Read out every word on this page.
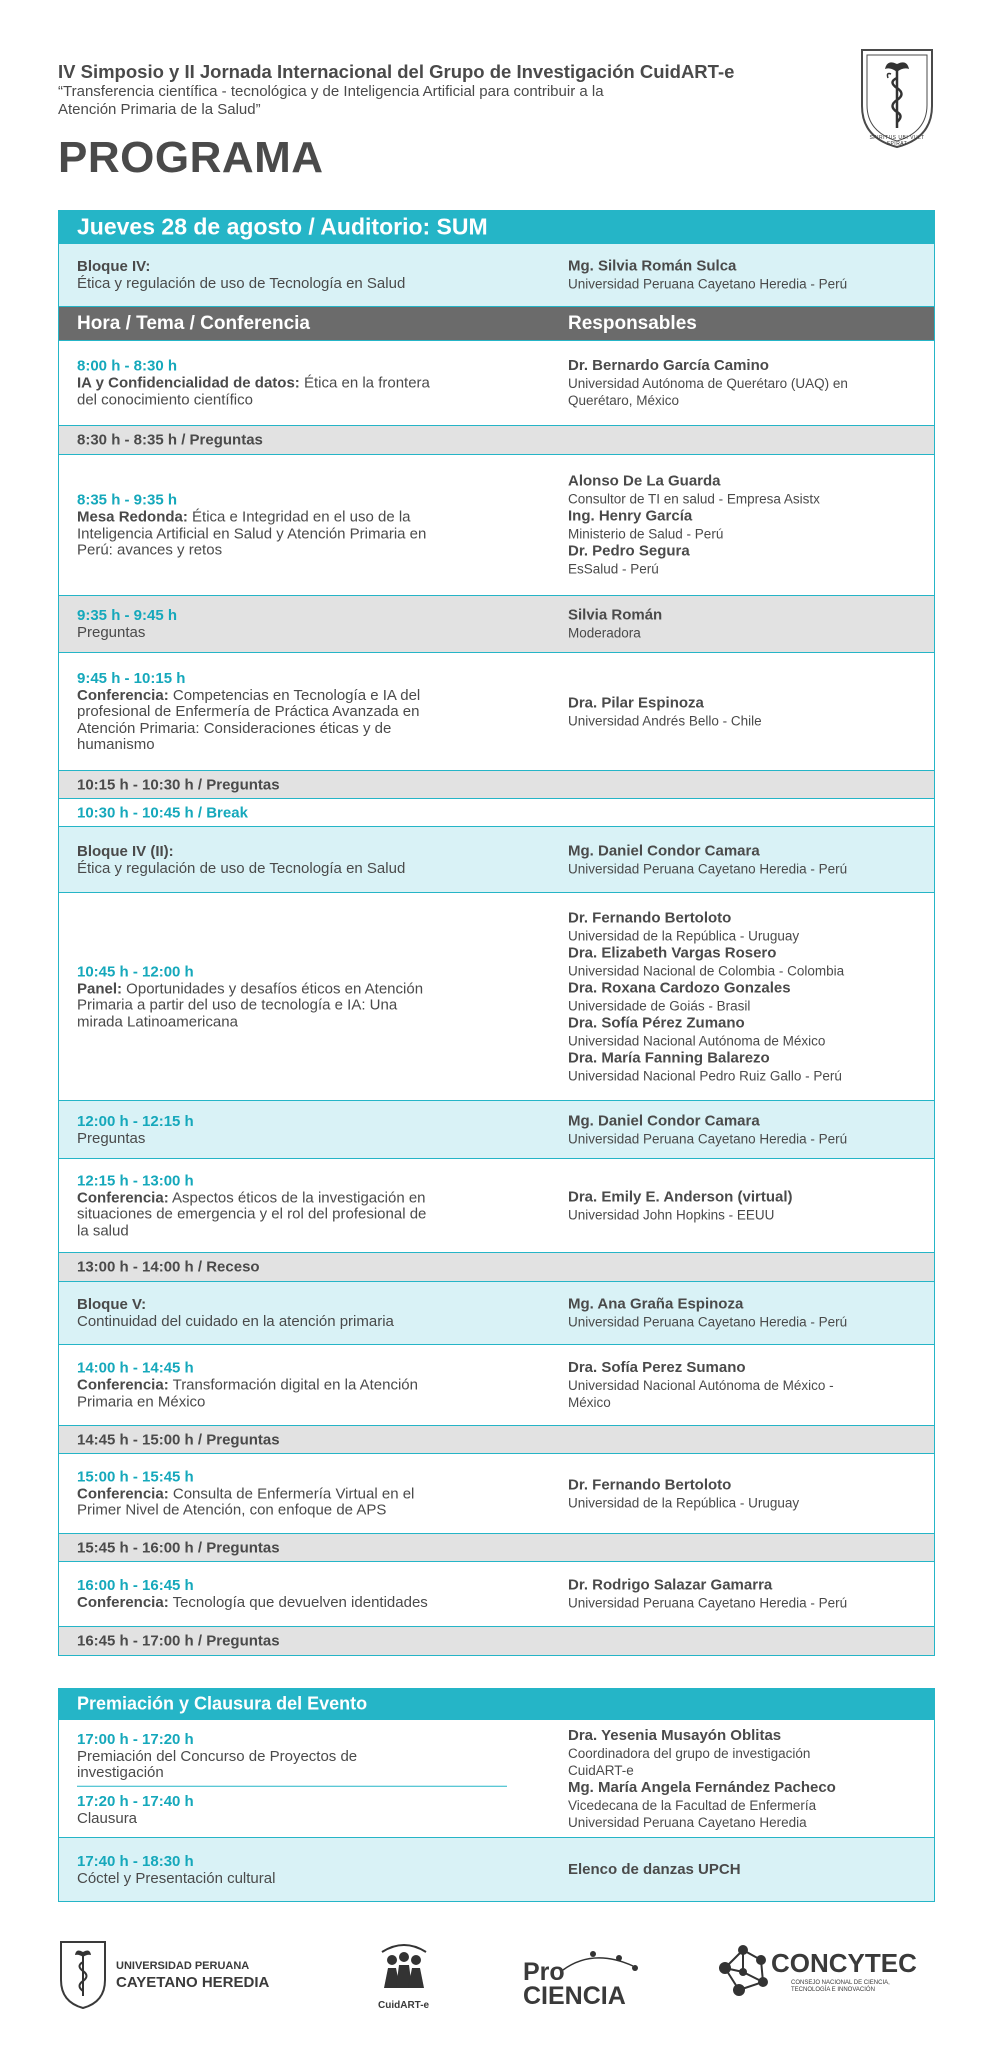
IV Simposio y II Jornada Internacional del Grupo de Investigación CuidART-e
“Transferencia científica - tecnológica y de Inteligencia Artificial para contribuir a la
Atención Primaria de la Salud”
PROGRAMA	SPIRITUS UBI VULT SPIRAT
Jueves 28 de agosto / Auditorio: SUM
Bloque IV:
Ética y regulación de uso de Tecnología en Salud
Mg. Silvia Román Sulca
Universidad Peruana Cayetano Heredia - Perú
Hora / Tema / Conferencia	Responsables
8:00 h - 8:30 h
IA y Confidencialidad de datos: Ética en la frontera
del conocimiento científico
Dr. Bernardo García Camino
Universidad Autónoma de Querétaro (UAQ) en
Querétaro, México
8:30 h - 8:35 h / Preguntas
8:35 h - 9:35 h
Mesa Redonda: Ética e Integridad en el uso de la
Inteligencia Artificial en Salud y Atención Primaria en
Perú: avances y retos
Alonso De La Guarda
Consultor de TI en salud - Empresa Asistx
Ing. Henry García
Ministerio de Salud - Perú
Dr. Pedro Segura
EsSalud - Perú
9:35 h - 9:45 h
Preguntas
Silvia Román
Moderadora
9:45 h - 10:15 h
Conferencia: Competencias en Tecnología e IA del
profesional de Enfermería de Práctica Avanzada en
Atención Primaria: Consideraciones éticas y de
humanismo
Dra. Pilar Espinoza
Universidad Andrés Bello - Chile
10:15 h - 10:30 h / Preguntas
10:30 h - 10:45 h / Break
Bloque IV (II):
Ética y regulación de uso de Tecnología en Salud
Mg. Daniel Condor Camara
Universidad Peruana Cayetano Heredia - Perú
10:45 h - 12:00 h
Panel: Oportunidades y desafíos éticos en Atención
Primaria a partir del uso de tecnología e IA: Una
mirada Latinoamericana
Dr. Fernando Bertoloto
Universidad de la República - Uruguay
Dra. Elizabeth Vargas Rosero
Universidad Nacional de Colombia - Colombia
Dra. Roxana Cardozo Gonzales
Universidade de Goiás - Brasil
Dra. Sofía Pérez Zumano
Universidad Nacional Autónoma de México
Dra. María Fanning Balarezo
Universidad Nacional Pedro Ruiz Gallo - Perú
12:00 h - 12:15 h
Preguntas
Mg. Daniel Condor Camara
Universidad Peruana Cayetano Heredia - Perú
12:15 h - 13:00 h
Conferencia: Aspectos éticos de la investigación en
situaciones de emergencia y el rol del profesional de
la salud
Dra. Emily E. Anderson (virtual)
Universidad John Hopkins - EEUU
13:00 h - 14:00 h / Receso
Bloque V:
Continuidad del cuidado en la atención primaria
Mg. Ana Graña Espinoza
Universidad Peruana Cayetano Heredia - Perú
14:00 h - 14:45 h
Conferencia: Transformación digital en la Atención
Primaria en México
Dra. Sofía Perez Sumano
Universidad Nacional Autónoma de México -
México
14:45 h - 15:00 h / Preguntas
15:00 h - 15:45 h
Conferencia: Consulta de Enfermería Virtual en el
Primer Nivel de Atención, con enfoque de APS
Dr. Fernando Bertoloto
Universidad de la República - Uruguay
15:45 h - 16:00 h / Preguntas
16:00 h - 16:45 h
Conferencia: Tecnología que devuelven identidades
Dr. Rodrigo Salazar Gamarra
Universidad Peruana Cayetano Heredia - Perú
16:45 h - 17:00 h / Preguntas
Premiación y Clausura del Evento
17:00 h - 17:20 h
Premiación del Concurso de Proyectos de
investigación
17:20 h - 17:40 h
Clausura
Dra. Yesenia Musayón Oblitas
Coordinadora del grupo de investigación
CuidART-e
Mg. María Angela Fernández Pacheco
Vicedecana de la Facultad de Enfermería
Universidad Peruana Cayetano Heredia
17:40 h - 18:30 h
Cóctel y Presentación cultural
Elenco de danzas UPCH
UNIVERSIDAD PERUANA
CAYETANO HEREDIA
CuidART-e
Pro
CIENCIA
CONCYTEC
CONSEJO NACIONAL DE CIENCIA,
TECNOLOGÍA E INNOVACIÓN
